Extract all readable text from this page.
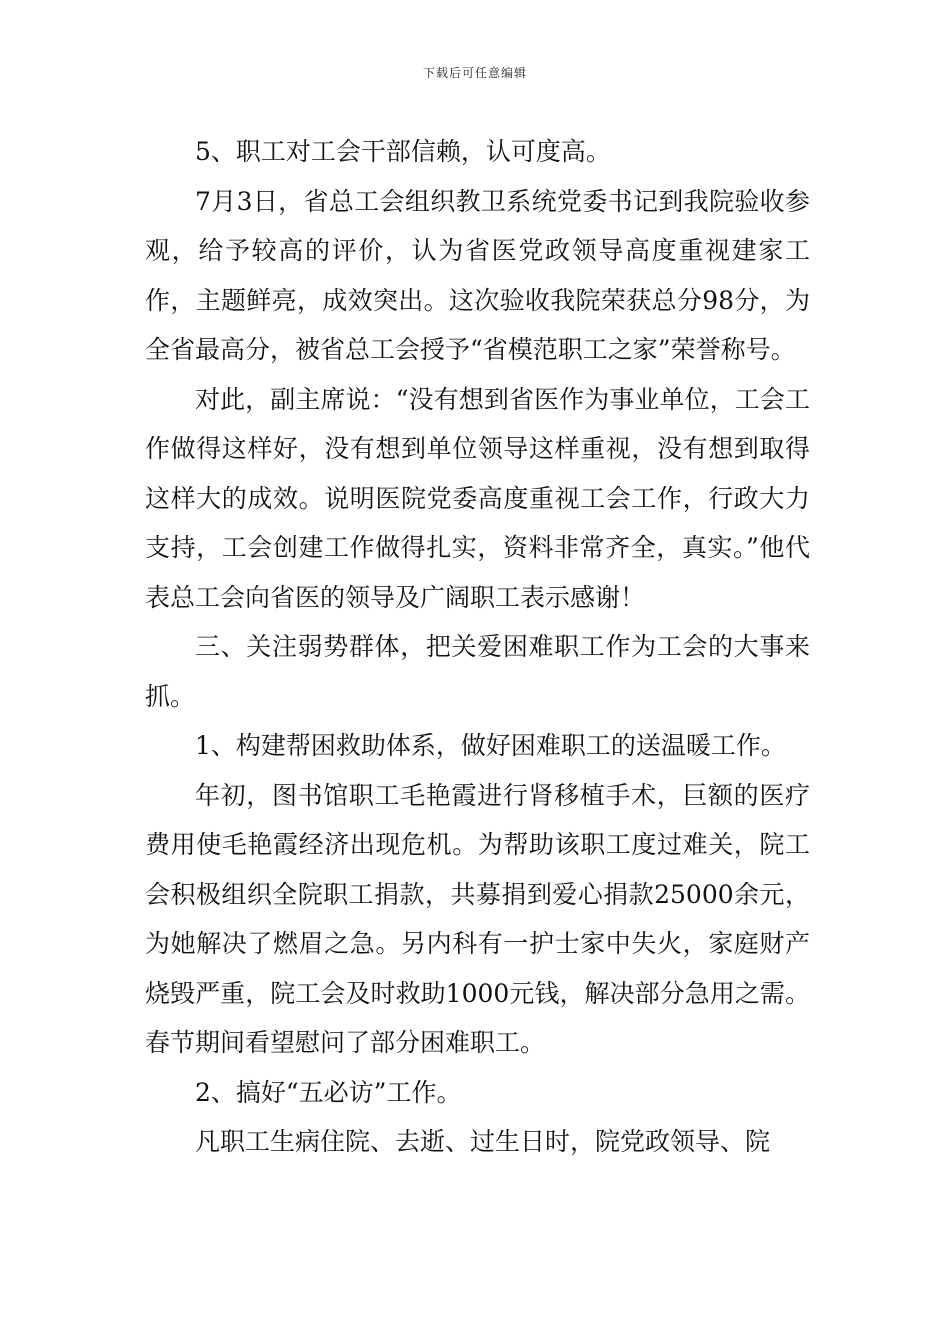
下载后可任意编辑

5、职工对工会干部信赖，认可度高。

7月3日，省总工会组织教卫系统党委书记到我院验收参观，给予较高的评价，认为省医党政领导高度重视建家工作，主题鲜亮，成效突出。这次验收我院荣获总分98分，为全省最高分，被省总工会授予“省模范职工之家”荣誉称号。

对此，副主席说：“没有想到省医作为事业单位，工会工作做得这样好，没有想到单位领导这样重视，没有想到取得这样大的成效。说明医院党委高度重视工会工作，行政大力支持，工会创建工作做得扎实，资料非常齐全，真实。”他代表总工会向省医的领导及广阔职工表示感谢！

三、关注弱势群体，把关爱困难职工作为工会的大事来抓。

1、构建帮困救助体系，做好困难职工的送温暖工作。

年初，图书馆职工毛艳霞进行肾移植手术，巨额的医疗费用使毛艳霞经济出现危机。为帮助该职工度过难关，院工会积极组织全院职工捐款，共募捐到爱心捐款25000余元，为她解决了燃眉之急。另内科有一护士家中失火，家庭财产烧毁严重，院工会及时救助1000元钱，解决部分急用之需。春节期间看望慰问了部分困难职工。

2、搞好“五必访”工作。

凡职工生病住院、去逝、过生日时，院党政领导、院
